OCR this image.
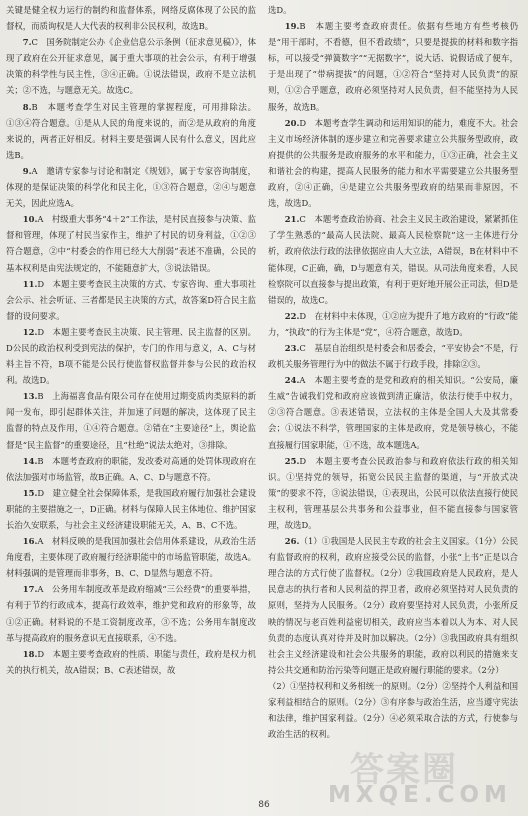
关键是健全权力运行的制约和监督体系，网络反腐体现了公民的监督权，而质询权是人大代表的权利非公民权利，故选B。

7.C　国务院制定公办《企业信息公示条例（征求意见稿）》，体现了政府在公开征求意见，属于重大事项的社会公示，有利于增强决策的科学性与民主性，③④正确。①说法错误，政府不是立法机关；②不选，与题意无关。故选C。

8.B　本题考查学生对民主管理的掌握程度，可用排除法。①③④符合题意。①是从人民的角度来说的，而②是从政府的角度来说的，两者正好相反。材料主要是强调人民有什么意义，因此应选B。

9.A　邀请专家参与讨论和制定《规划》，属于专家咨询制度，体现的是保证决策的科学化和民主化，①③符合题意，②④与题意无关，因此应选A。

10.A　村级重大事务“4＋2”工作法，是村民直接参与决策、监督和管理，体现了村民当家作主，维护了村民的切身利益，①②③符合题意，②中“村委会的作用已经大大削弱”表述不准确，公民的基本权利是由宪法规定的，不能随意扩大，③说法错误。

11.D　本题主要考查民主决策的方式、专家咨询、重大事项社会公示、社会听证、三者都是民主决策的方式，故答案D符合民主监督的设问要求。

12.D　本题主要考查民主决策、民主管理、民主监督的区别。D公民的政治权利受到宪法的保护，专门的作用与意义，A、C与材料主旨不符，B项不能是公民行使监督权监督并参与公民的政治权利。故选D。

13.B　上海福喜食品有限公司存在使用过期变质肉类原料的新闻一发布，即引起群体关注，并加速了问题的解决，这体现了民主监督的特点及作用，①④符合题意。②错在“主要途径”上，舆论监督是“民主监督”的重要途径，且“杜绝”说法太绝对，③排除。

14.B　本题考查政府的职能，发改委对高通的处罚体现政府在依法加强对市场监管，故B正确。A、C、D与题意不符。

15.D　建立健全社会保障体系，是我国政府履行加强社会建设职能的主要措施之一，D正确。材料与保障人民主体地位、维护国家长治久安联系，与社会主义经济建设职能无关，A、B、C不选。

16.A　材料反映的是我国加强社会信用体系建设，从政治生活角度看，主要体现了政府履行经济职能中的市场监管职能，故选A。材料强调的是管理而非事务，B、C、D显然与题意不符。

17.A　公务用车制度改革是政府缩减“三公经费”的重要举措，有利于节约行政成本，提高行政效率，维护党和政府的形象等，故①②正确。材料说的不是工资制度改革，③不选；公务用车制度改革与提高政府的服务意识无直接联系，④不选。

18.D　本题主要考查政府的性质、职能与责任，政府是权力机关的执行机关，故A错误；B、C表述错误，故

选D。

19.B　本题主要考查政府责任。依据有些地方有些考核仍是“用干部时，不看德，但不看政绩”，只要是提拔的材料和数字指标，可以接受“弹簧数字”“无据数字”，说大话、说假话成了便车，于是出现了“带病提拔”的问题，①②符合“坚持对人民负责”的原则，①②合乎题意，政府必须坚持对人民负责，但不能坚持为人民服务，故选B。

20.D　本题考查学生调动和运用知识的能力，难度不大。社会主义市场经济体制的逐步建立和完善要求建立公共服务型政府，政府提供的公共服务是政府服务的水平和能力，①③正确，社会主义和谐社会的构建，提高人民服务的能力和水平需要建立公共服务型政府，②④正确，④是建立公共服务型政府的结果而非原因，不选，故选D。

21.C　本题考查政治协商、社会主义民主政治建设，紧紧抓住了学生熟悉的“最高人民法院、最高人民检察院”这一主体进行分析，政府依法行政的法律依据应由人大立法，A错误，B在材料中不能体现，C正确，确，D与题意有关，错误。从司法角度来看，人民检察院可以直接参与提出政策，有利于更好地开展公正司法，但D是错误的，故选C。

22.D　在材料中未体现，①②应为提升了地方政府的“行政”能力，“执政”的行为主体是“党”，④符合题意，故选D。

23.C　基层自治组织是村委会和居委会，“平安协会”不是，行政机关服务管理行为中的做法不属于行政手段，排除②③。

24.A　本题主要考查的是党和政府的相关知识。“公安局，廉生威”告诫我们党和政府应该做到清正廉洁，依法行使手中权力，②③符合题意。③表述错误，立法权的主体是全国人大及其常委会；①说法不科学，管理国家的主体是政府，党是领导核心，不能直接履行国家职能，①不选，故本题选A。

25.D　本题主要考查公民政治参与和政府依法行政的相关知识。①坚持党的领导，拓宽公民民主监督的渠道，与“开放式决策”的要求不符，③说法错误，①表现出，公民可以依法直接行使民主权利，管理基层公共事务和公益事业，但不能直接参与国家管理，故选D。

26.（1）①我国是人民民主专政的社会主义国家。（1分）公民有监督政府的权利，政府应接受公民的监督，小张“上书”正是以合理合法的方式行使了监督权。（2分）②我国政府是人民政府，是人民意志的执行者和人民利益的捍卫者，政府必须坚持对人民负责的原则，坚持为人民服务。（2分）政府要坚持对人民负责，小张所反映的情况与老百姓利益密切相关，政府应当本着以人为本、对人民负责的态度认真对待并及时加以解决。（2分）③我国政府具有组织社会主义经济建设和社会公共服务的职能，政府以利民的措施来支持公共交通和防治污染等问题正是政府履行职能的要求。（2分）

（2）①坚持权利和义务相统一的原则。（2分）②坚持个人利益和国家利益相结合的原则。（2分）③有序参与政治生活，应当遵守宪法和法律，维护国家利益。（2分）④必须采取合法的方式，行使参与政治生活的权利。

86
答案圈
MXQE.COM
